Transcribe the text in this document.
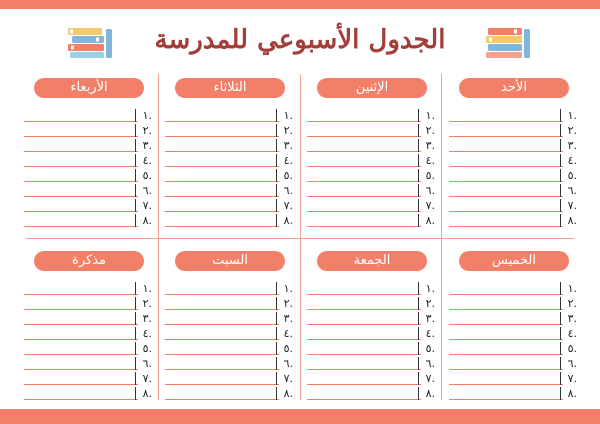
الجدول الأسبوعي للمدرسة
الأحد
١.
٢.
٣.
٤.
٥.
٦.
٧.
٨.
الإثنين
١.
٢.
٣.
٤.
٥.
٦.
٧.
٨.
الثلاثاء
١.
٢.
٣.
٤.
٥.
٦.
٧.
٨.
الأربعاء
١.
٢.
٣.
٤.
٥.
٦.
٧.
٨.
الخميس
١.
٢.
٣.
٤.
٥.
٦.
٧.
٨.
الجمعة
١.
٢.
٣.
٤.
٥.
٦.
٧.
٨.
السبت
١.
٢.
٣.
٤.
٥.
٦.
٧.
٨.
مذكرة
١.
٢.
٣.
٤.
٥.
٦.
٧.
٨.
